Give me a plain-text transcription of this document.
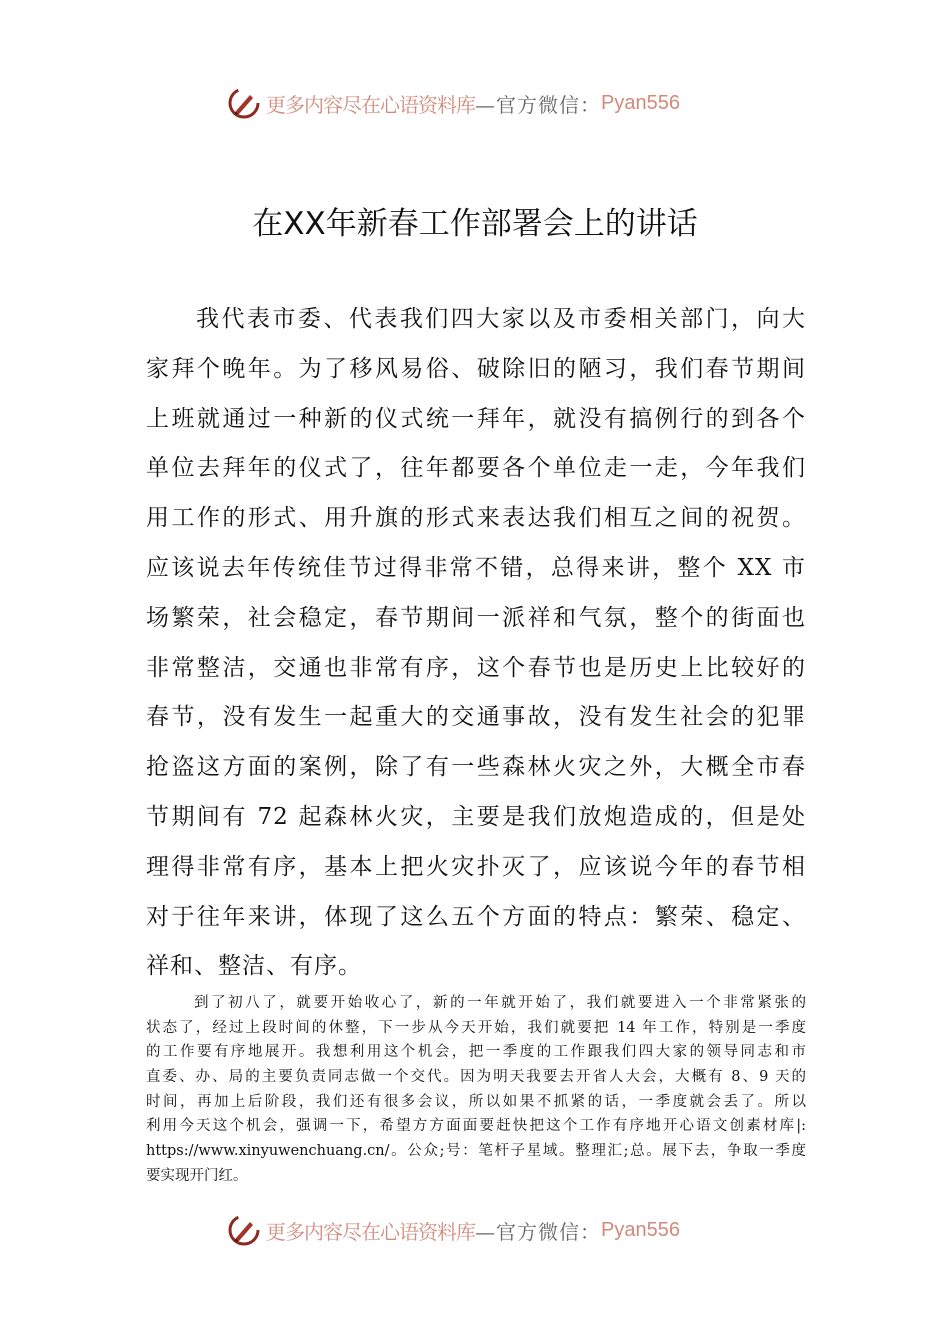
更多内容尽在心语资料库 —官方微信： Pyan556
在XX年新春工作部署会上的讲话
我代表市委、代表我们四大家以及市委相关部门，向大
家拜个晚年。为了移风易俗、破除旧的陋习，我们春节期间
上班就通过一种新的仪式统一拜年，就没有搞例行的到各个
单位去拜年的仪式了，往年都要各个单位走一走，今年我们
用工作的形式、用升旗的形式来表达我们相互之间的祝贺。
应该说去年传统佳节过得非常不错，总得来讲，整个 XX 市
场繁荣，社会稳定，春节期间一派祥和气氛，整个的街面也
非常整洁，交通也非常有序，这个春节也是历史上比较好的
春节，没有发生一起重大的交通事故，没有发生社会的犯罪
抢盗这方面的案例，除了有一些森林火灾之外，大概全市春
节期间有 72 起森林火灾，主要是我们放炮造成的，但是处
理得非常有序，基本上把火灾扑灭了，应该说今年的春节相
对于往年来讲，体现了这么五个方面的特点：繁荣、稳定、
祥和、整洁、有序。
到了初八了，就要开始收心了，新的一年就开始了，我们就要进入一个非常紧张的
状态了，经过上段时间的休整，下一步从今天开始，我们就要把 14 年工作，特别是一季度
的工作要有序地展开。我想利用这个机会，把一季度的工作跟我们四大家的领导同志和市
直委、办、局的主要负责同志做一个交代。因为明天我要去开省人大会，大概有 8、9 天的
时间，再加上后阶段，我们还有很多会议，所以如果不抓紧的话，一季度就会丢了。所以
利用今天这个机会，强调一下，希望方方面面要赶快把这个工作有序地开心语文创素材库|:
https://www.xinyuwenchuang.cn/。公众;号：笔杆子星域。整理汇;总。展下去，争取一季度
要实现开门红。
更多内容尽在心语资料库 —官方微信： Pyan556
